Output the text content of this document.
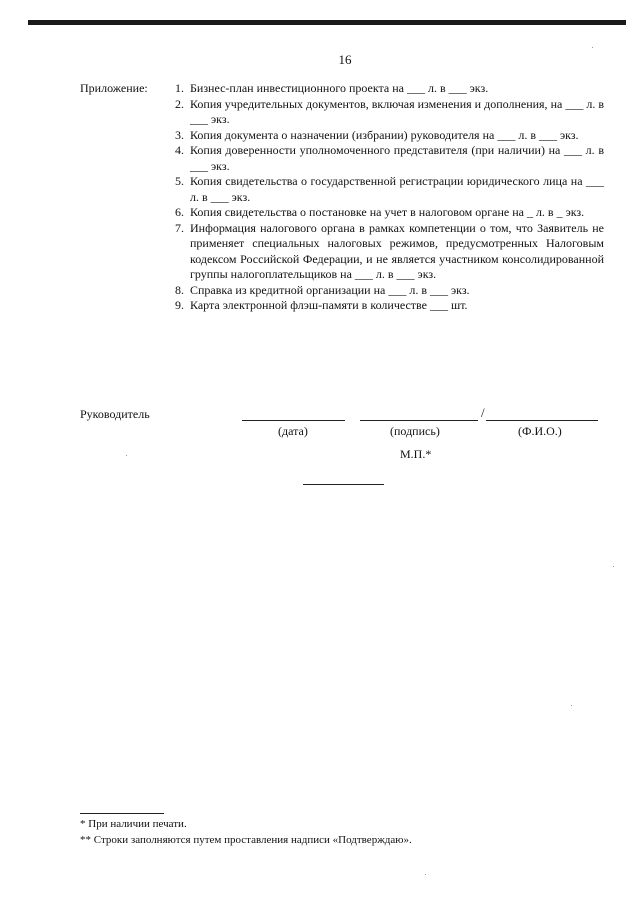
16
Приложение:	1. Бизнес-план инвестиционного проекта на ___ л. в ___ экз.
2. Копия учредительных документов, включая изменения и дополнения, на ___ л. в ___ экз.
3. Копия документа о назначении (избрании) руководителя на ___ л. в ___ экз.
4. Копия доверенности уполномоченного представителя (при наличии) на ___ л. в ___ экз.
5. Копия свидетельства о государственной регистрации юридического лица на ___ л. в ___ экз.
6. Копия свидетельства о постановке на учет в налоговом органе на _ л. в _ экз.
7. Информация налогового органа в рамках компетенции о том, что Заявитель не применяет специальных налоговых режимов, предусмотренных Налоговым кодексом Российской Федерации, и не является участником консолидированной группы налогоплательщиков на ___ л. в ___ экз.
8. Справка из кредитной организации на ___ л. в ___ экз.
9. Карта электронной флэш-памяти в количестве ___ шт.
Руководитель	/
(дата)	(подпись)	(Ф.И.О.)
М.П.*
* При наличии печати.
** Строки заполняются путем проставления надписи «Подтверждаю».
